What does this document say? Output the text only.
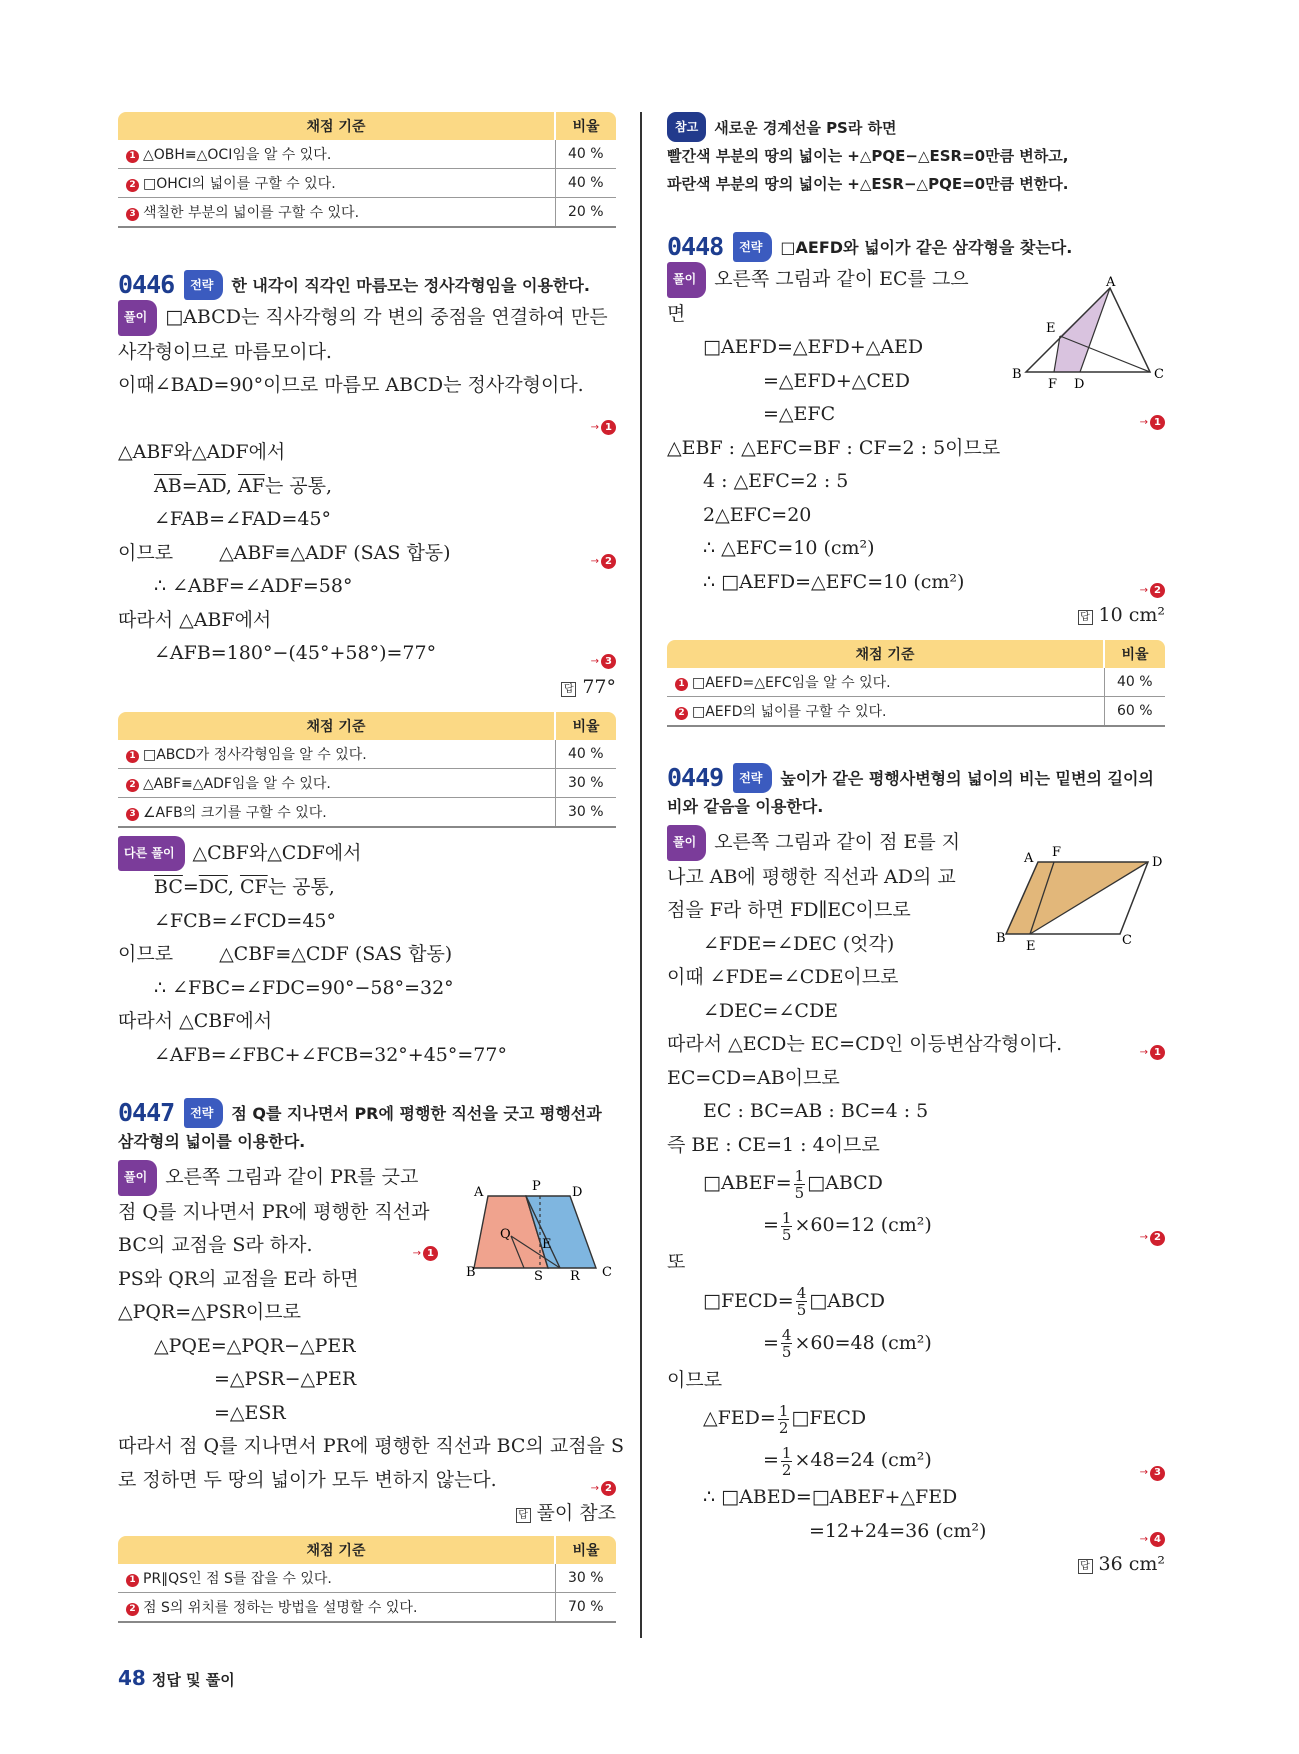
채점 기준	비율
1 △OBH≡△OCI임을 알 수 있다.	40 %
2 □OHCI의 넓이를 구할 수 있다.	40 %
3 색칠한 부분의 넓이를 구할 수 있다.	20 %
0446 전략 한 내각이 직각인 마름모는 정사각형임을 이용한다.
풀이 □ABCD는 직사각형의 각 변의 중점을 연결하여 만든
사각형이므로 마름모이다.
이때∠BAD=90°이므로 마름모 ABCD는 정사각형이다.

→ 1
△ABF와△ADF에서
$\overline{AB}=\overline{AD}$, $\overline{AF}$는 공통,
∠FAB=∠FAD=45°
이므로 △ABF≡△ADF (SAS 합동)	→ 2
∴ ∠ABF=∠ADF=58°
따라서 △ABF에서
∠AFB=180°−(45°+58°)=77°	→ 3
답 77°
채점 기준	비율
1 □ABCD가 정사각형임을 알 수 있다.	40 %
2 △ABF≡△ADF임을 알 수 있다.	30 %
3 ∠AFB의 크기를 구할 수 있다.	30 %
다른 풀이 △CBF와△CDF에서
$\overline{BC}=\overline{DC}$, $\overline{CF}$는 공통,
∠FCB=∠FCD=45°
이므로 △CBF≡△CDF (SAS 합동)
∴ ∠FBC=∠FDC=90°−58°=32°
따라서 △CBF에서
∠AFB=∠FBC+∠FCB=32°+45°=77°
0447 전략 점 Q를 지나면서 PR에 평행한 직선을 긋고 평행선과
삼각형의 넓이를 이용한다.
풀이 오른쪽 그림과 같이 PR를 긋고
점 Q를 지나면서 PR에 평행한 직선과
BC의 교점을 S라 하자.	→ 1
PS와 QR의 교점을 E라 하면
△PQR=△PSR이므로
△PQE=△PQR−△PER
=△PSR−△PER
=△ESR
따라서 점 Q를 지나면서 PR에 평행한 직선과 BC의 교점을 S
로 정하면 두 땅의 넓이가 모두 변하지 않는다.	→ 2
답 풀이 참조
채점 기준	비율
1 PR∥QS인 점 S를 잡을 수 있다.	30 %
2 점 S의 위치를 정하는 방법을 설명할 수 있다.	70 %
A	P D
Q
E
B	S R C
참고 새로운 경계선을 PS라 하면
빨간색 부분의 땅의 넓이는 +△PQE−△ESR=0만큼 변하고,
파란색 부분의 땅의 넓이는 +△ESR−△PQE=0만큼 변한다.
0448 전략 □AEFD와 넓이가 같은 삼각형을 찾는다.
풀이 오른쪽 그림과 같이 EC를 그으
면
□AEFD=△EFD+△AED
=△EFD+△CED
=△EFC	→ 1
△EBF : △EFC=BF : CF=2 : 5이므로
4 : △EFC=2 : 5
2△EFC=20
∴ △EFC=10 (cm²)
∴ □AEFD=△EFC=10 (cm²)	→ 2
답 10 cm²
채점 기준	비율
1 □AEFD=△EFC임을 알 수 있다.	40 %
2 □AEFD의 넓이를 구할 수 있다.	60 %
0449 전략 높이가 같은 평행사변형의 넓이의 비는 밑변의 길이의
비와 같음을 이용한다.
풀이 오른쪽 그림과 같이 점 E를 지
나고 AB에 평행한 직선과 AD의 교
점을 F라 하면 FD∥EC이므로
∠FDE=∠DEC (엇각)
이때 ∠FDE=∠CDE이므로
∠DEC=∠CDE
따라서 △ECD는 EC=CD인 이등변삼각형이다.	→ 1
EC=CD=AB이므로
EC : BC=AB : BC=4 : 5
즉 BE : CE=1 : 4이므로
□ABEF= $\frac{1}{5}$ □ABCD
= $\frac{1}{5} \times 60=12$ (cm²)
→ 2
또
□FECD= $\frac{4}{5}$ □ABCD
= $\frac{4}{5} \times 60=48$ (cm²)
이므로
△FED= $\frac{1}{2}$ □FECD
= $\frac{1}{2} \times 48=24$ (cm²)
→ 3
∴ □ABED=□ABEF+△FED
=12+24=36 (cm²)	→ 4
답 36 cm²
A
E
B
F D
C
A F
D
B
E	C
48 정답 및 풀이
